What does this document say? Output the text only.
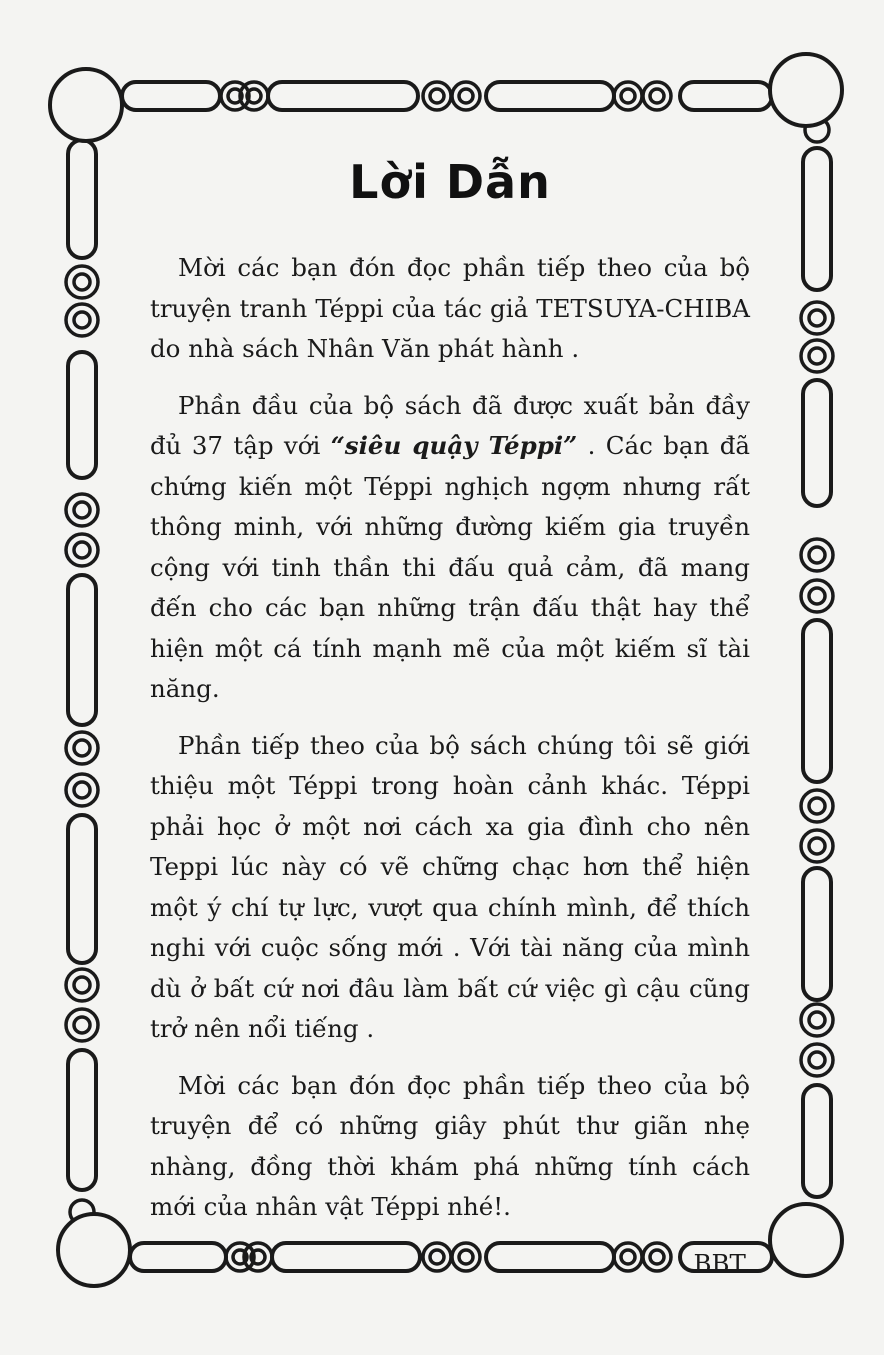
Lời Dẫn

Mời các bạn đón đọc phần tiếp theo của bộ truyện tranh Téppi của tác giả TETSUYA-CHIBA do nhà sách Nhân Văn phát hành .

Phần đầu của bộ sách đã được xuất bản đầy đủ 37 tập với “siêu quậy Téppi” . Các bạn đã chứng kiến một Téppi nghịch ngợm nhưng rất thông minh, với những đường kiếm gia truyền cộng với tinh thần thi đấu quả cảm, đã mang đến cho các bạn những trận đấu thật hay thể hiện một cá tính mạnh mẽ của một kiếm sĩ tài năng.

Phần tiếp theo của bộ sách chúng tôi sẽ giới thiệu một Téppi trong hoàn cảnh khác. Téppi phải học ở một nơi cách xa gia đình cho nên Teppi lúc này có vẽ chững chạc hơn thể hiện một ý chí tự lực, vượt qua chính mình, để thích nghi với cuộc sống mới . Với tài năng của mình dù ở bất cứ nơi đâu làm bất cứ việc gì cậu cũng trở nên nổi tiếng .

Mời các bạn đón đọc phần tiếp theo của bộ truyện để có những giây phút thư giãn nhẹ nhàng, đồng thời khám phá những tính cách mới của nhân vật Téppi nhé!.

BBT.
